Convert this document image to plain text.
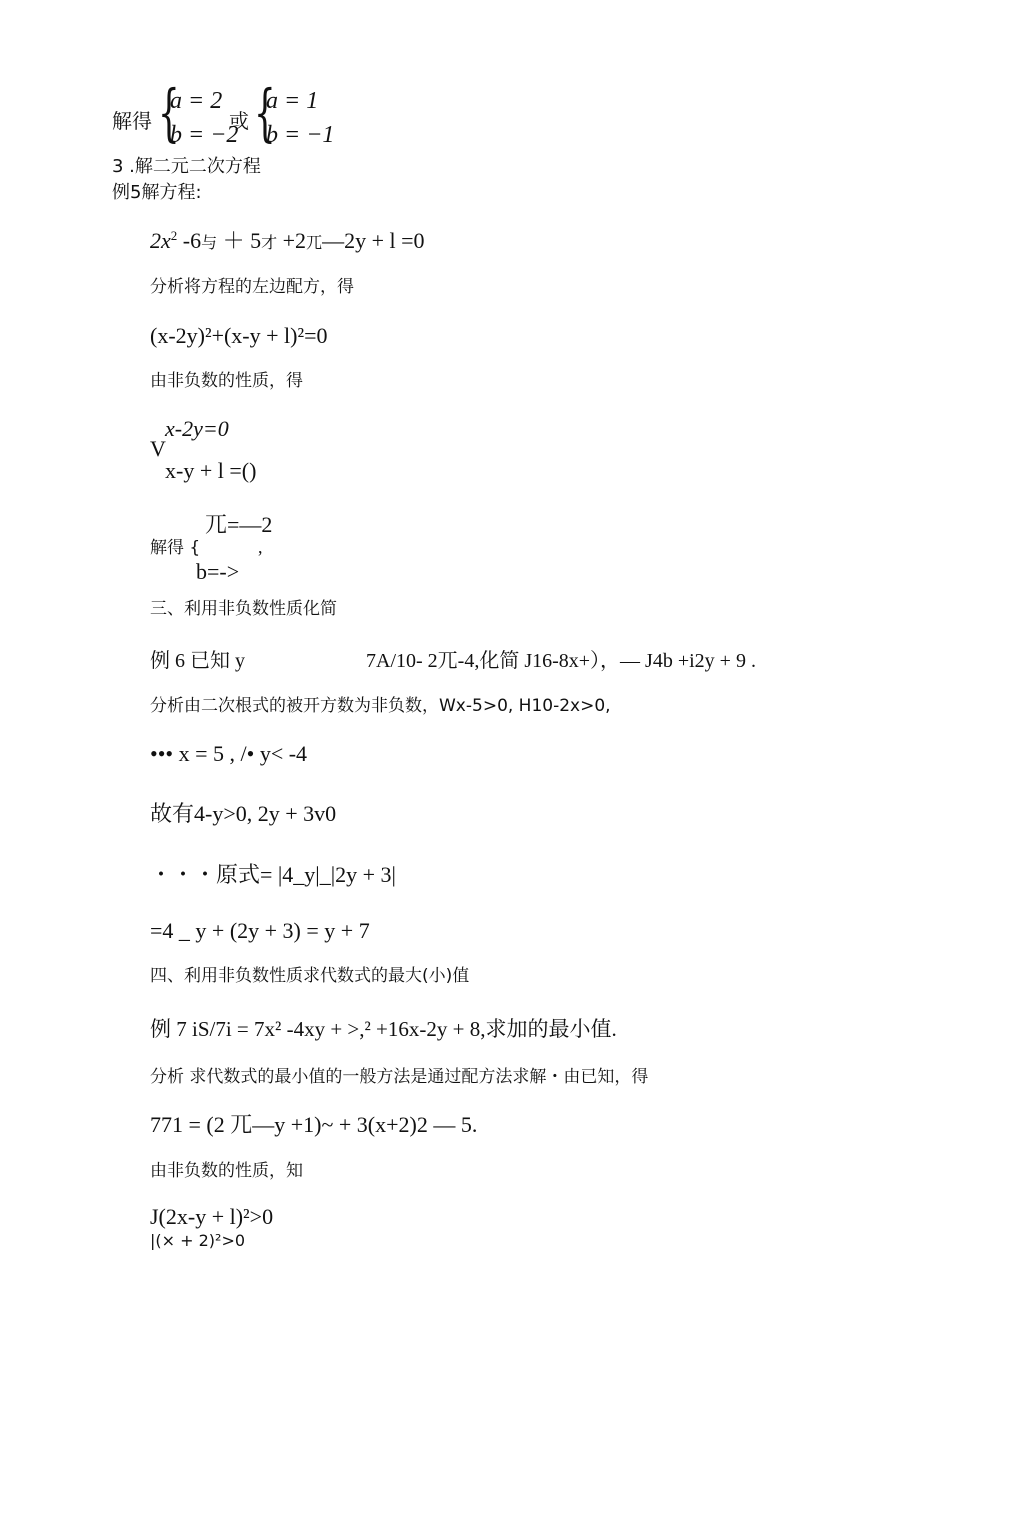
解得 {
a = 2
b = −2
或 {
a = 1
b = −1
3 .解二元二次方程
例5解方程:
$2x^2$ -6与 ＋ 5才 +2兀—2y + l =0
分析将方程的左边配方，得
(x-2y)²+(x-y + l)²=0
由非负数的性质，得
x-2y=0
V
x-y + l =()
兀=—2
解得 {	,
b=->
三、利用非负数性质化简
例 6 已知 y	7A/10- 2兀-4,化简 J16-8x+），— J4b +i2y + 9 .
分析由二次根式的被开方数为非负数，Wx-5>0, H10-2x>0,
••• x = 5 , /• y< -4
故有4-y>0, 2y + 3v0
・・・原式= |4_y|_|2y + 3|
=4 _ y + (2y + 3) = y + 7
四、利用非负数性质求代数式的最大(小)值
例 7 iS/7i = 7x² -4xy + >,² +16x-2y + 8,求加的最小值.
分析 求代数式的最小值的一般方法是通过配方法求解・由已知，得
771 = (2 兀—y +1)~ + 3(x+2)2 — 5.
由非负数的性质，知
J(2x-y + l)²>0
|(× + 2)²>0
